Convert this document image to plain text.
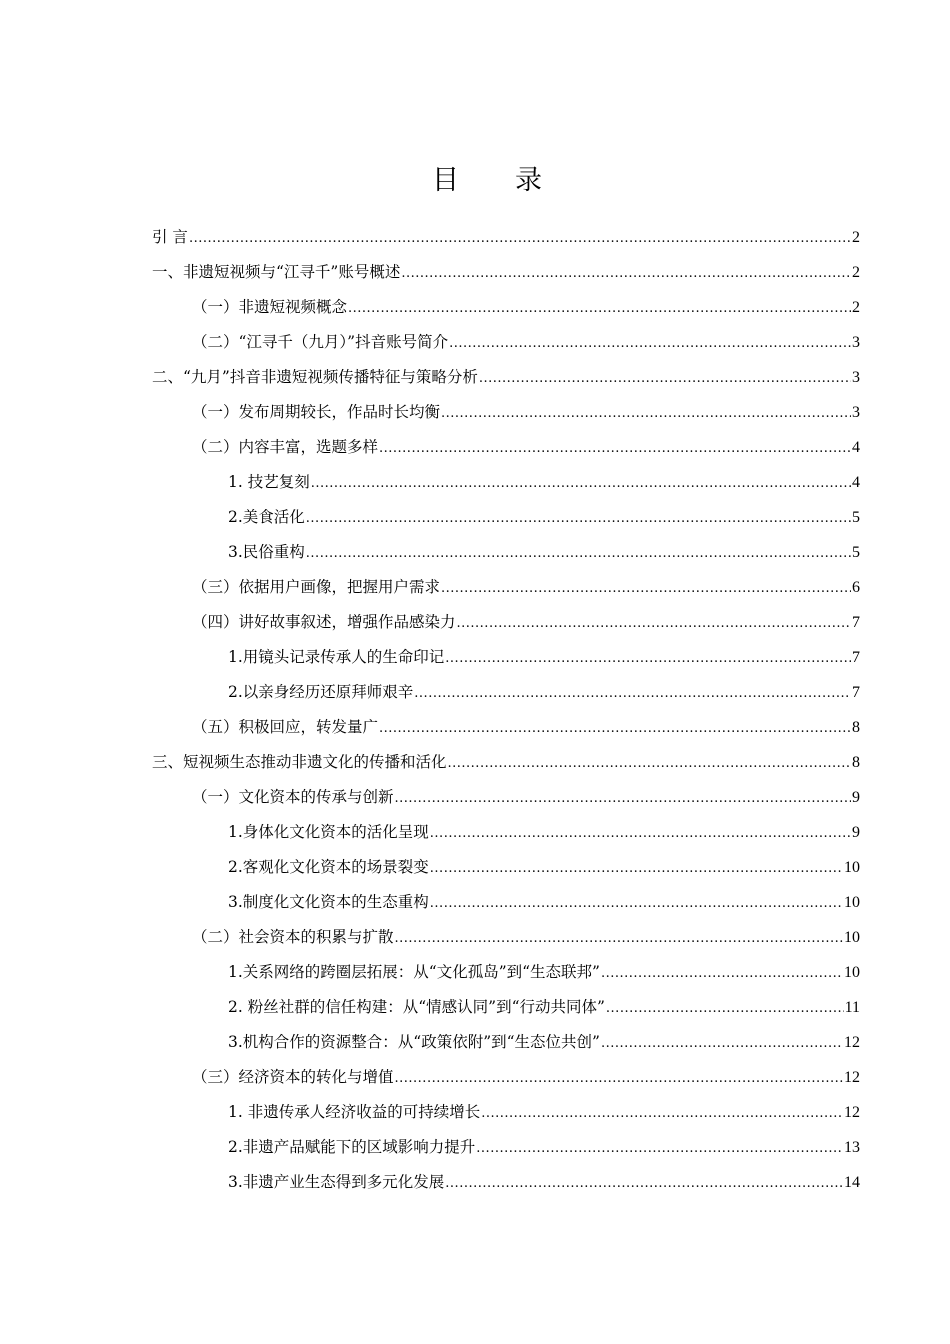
目 录
引 言 .....	2
一、非遗短视频与“江寻千”账号概述 .....	2
（一）非遗短视频概念 .....	2
（二）“江寻千（九月）”抖音账号简介 .....	3
二、“九月”抖音非遗短视频传播特征与策略分析 .....	3
（一）发布周期较长，作品时长均衡 .....	3
（二）内容丰富，选题多样 .....	4
1. 技艺复刻 .....	4
2.美食活化 .....	5
3.民俗重构 .....	5
（三）依据用户画像，把握用户需求 .....	6
（四）讲好故事叙述，增强作品感染力 .....	7
1.用镜头记录传承人的生命印记 .....	7
2.以亲身经历还原拜师艰辛 .....	7
（五）积极回应，转发量广 .....	8
三、短视频生态推动非遗文化的传播和活化 .....	8
（一）文化资本的传承与创新 .....	9
1.身体化文化资本的活化呈现 .....	9
2.客观化文化资本的场景裂变 .....	10
3.制度化文化资本的生态重构 .....	10
（二）社会资本的积累与扩散 .....	10
1.关系网络的跨圈层拓展：从“文化孤岛”到“生态联邦” .....	10
2. 粉丝社群的信任构建：从“情感认同”到“行动共同体” .....	11
3.机构合作的资源整合：从“政策依附”到“生态位共创” .....	12
（三）经济资本的转化与增值 .....	12
1. 非遗传承人经济收益的可持续增长 .....	12
2.非遗产品赋能下的区域影响力提升 .....	13
3.非遗产业生态得到多元化发展 .....	14
